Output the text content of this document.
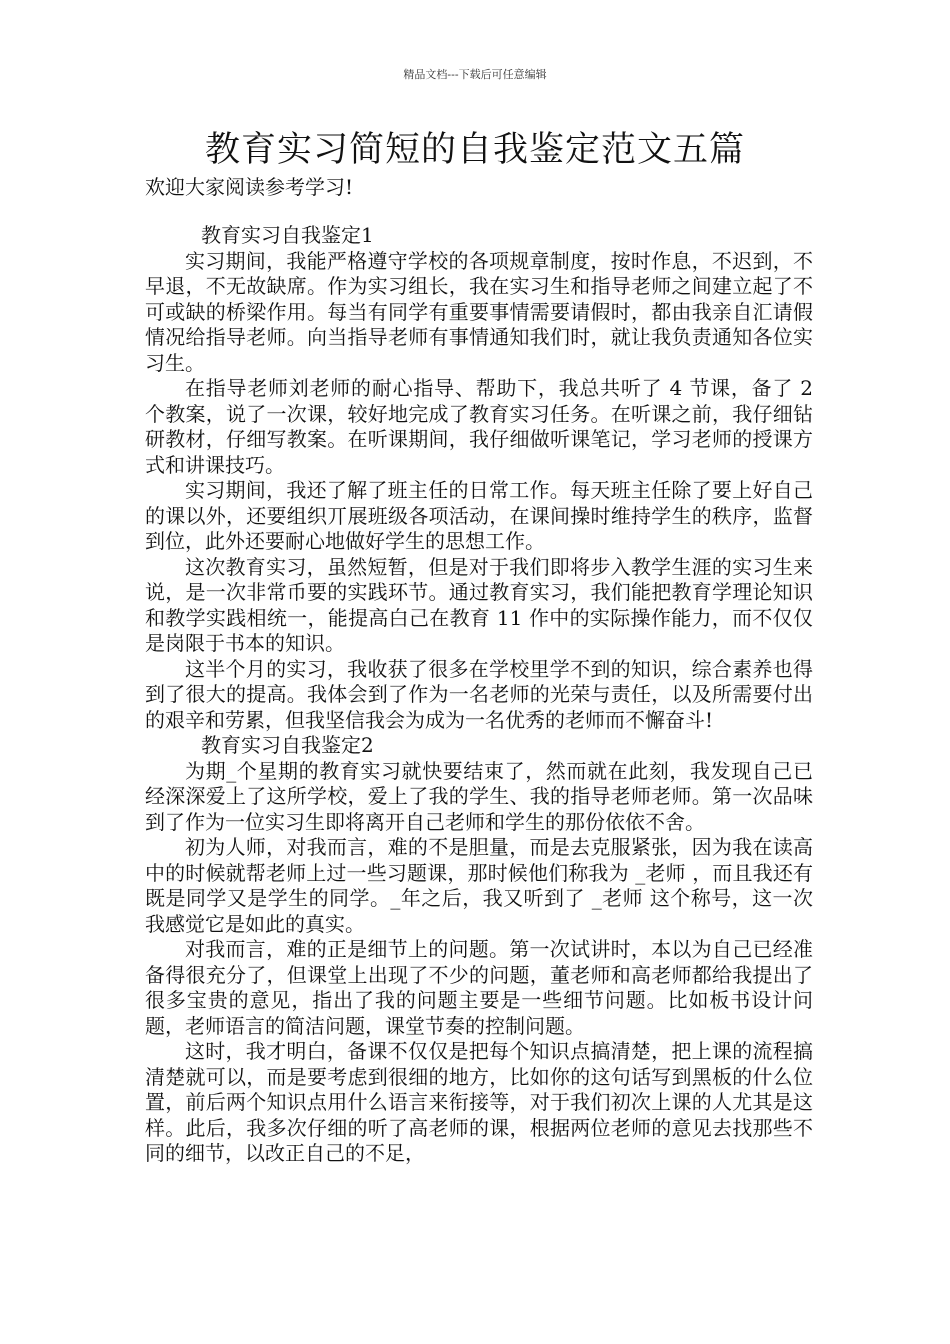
精品文档---下载后可任意编辑
教育实习简短的自我鉴定范文五篇
欢迎大家阅读参考学习!

教育实习自我鉴定1

实习期间，我能严格遵守学校的各项规章制度，按时作息，不迟到，不早退，不无故缺席。作为实习组长，我在实习生和指导老师之间建立起了不可或缺的桥梁作用。每当有同学有重要事情需要请假时，都由我亲自汇请假情况给指导老师。向当指导老师有事情通知我们时，就让我负责通知各位实习生。

在指导老师刘老师的耐心指导、帮助下，我总共听了 4 节课，备了 2 个教案，说了一次课，较好地完成了教育实习任务。在听课之前，我仔细钻研教材，仔细写教案。在听课期间，我仔细做听课笔记，学习老师的授课方式和讲课技巧。

实习期间，我还了解了班主任的日常工作。每天班主任除了要上好自己的课以外，还要组织丌展班级各项活动，在课间操时维持学生的秩序，监督到位，此外还要耐心地做好学生的思想工作。

这次教育实习，虽然短暂，但是对于我们即将步入教学生涯的实习生来说，是一次非常币要的实践环节。通过教育实习，我们能把教育学理论知识和教学实践相统一，能提高白己在教育 11 作中的实际操作能力，而不仅仅是岗限于书本的知识。

这半个月的实习，我收获了很多在学校里学不到的知识，综合素养也得到了很大的提高。我体会到了作为一名老师的光荣与责任，以及所需要付出的艰辛和劳累，但我坚信我会为成为一名优秀的老师而不懈奋斗!

教育实习自我鉴定2

为期_个星期的教育实习就快要结束了，然而就在此刻，我发现自己已经深深爱上了这所学校，爱上了我的学生、我的指导老师老师。第一次品味到了作为一位实习生即将离开自己老师和学生的那份依依不舍。

初为人师，对我而言，难的不是胆量，而是去克服紧张，因为我在读高中的时候就帮老师上过一些习题课，那时候他们称我为 _老师 ，而且我还有既是同学又是学生的同学。_年之后，我又听到了 _老师 这个称号，这一次我感觉它是如此的真实。

对我而言，难的正是细节上的问题。第一次试讲时，本以为自己已经准备得很充分了，但课堂上出现了不少的问题，董老师和高老师都给我提出了很多宝贵的意见，指出了我的问题主要是一些细节问题。比如板书设计问题，老师语言的简洁问题，课堂节奏的控制问题。

这时，我才明白，备课不仅仅是把每个知识点搞清楚，把上课的流程搞清楚就可以，而是要考虑到很细的地方，比如你的这句话写到黑板的什么位置，前后两个知识点用什么语言来衔接等，对于我们初次上课的人尤其是这样。此后，我多次仔细的听了高老师的课，根据两位老师的意见去找那些不同的细节，以改正自己的不足，
